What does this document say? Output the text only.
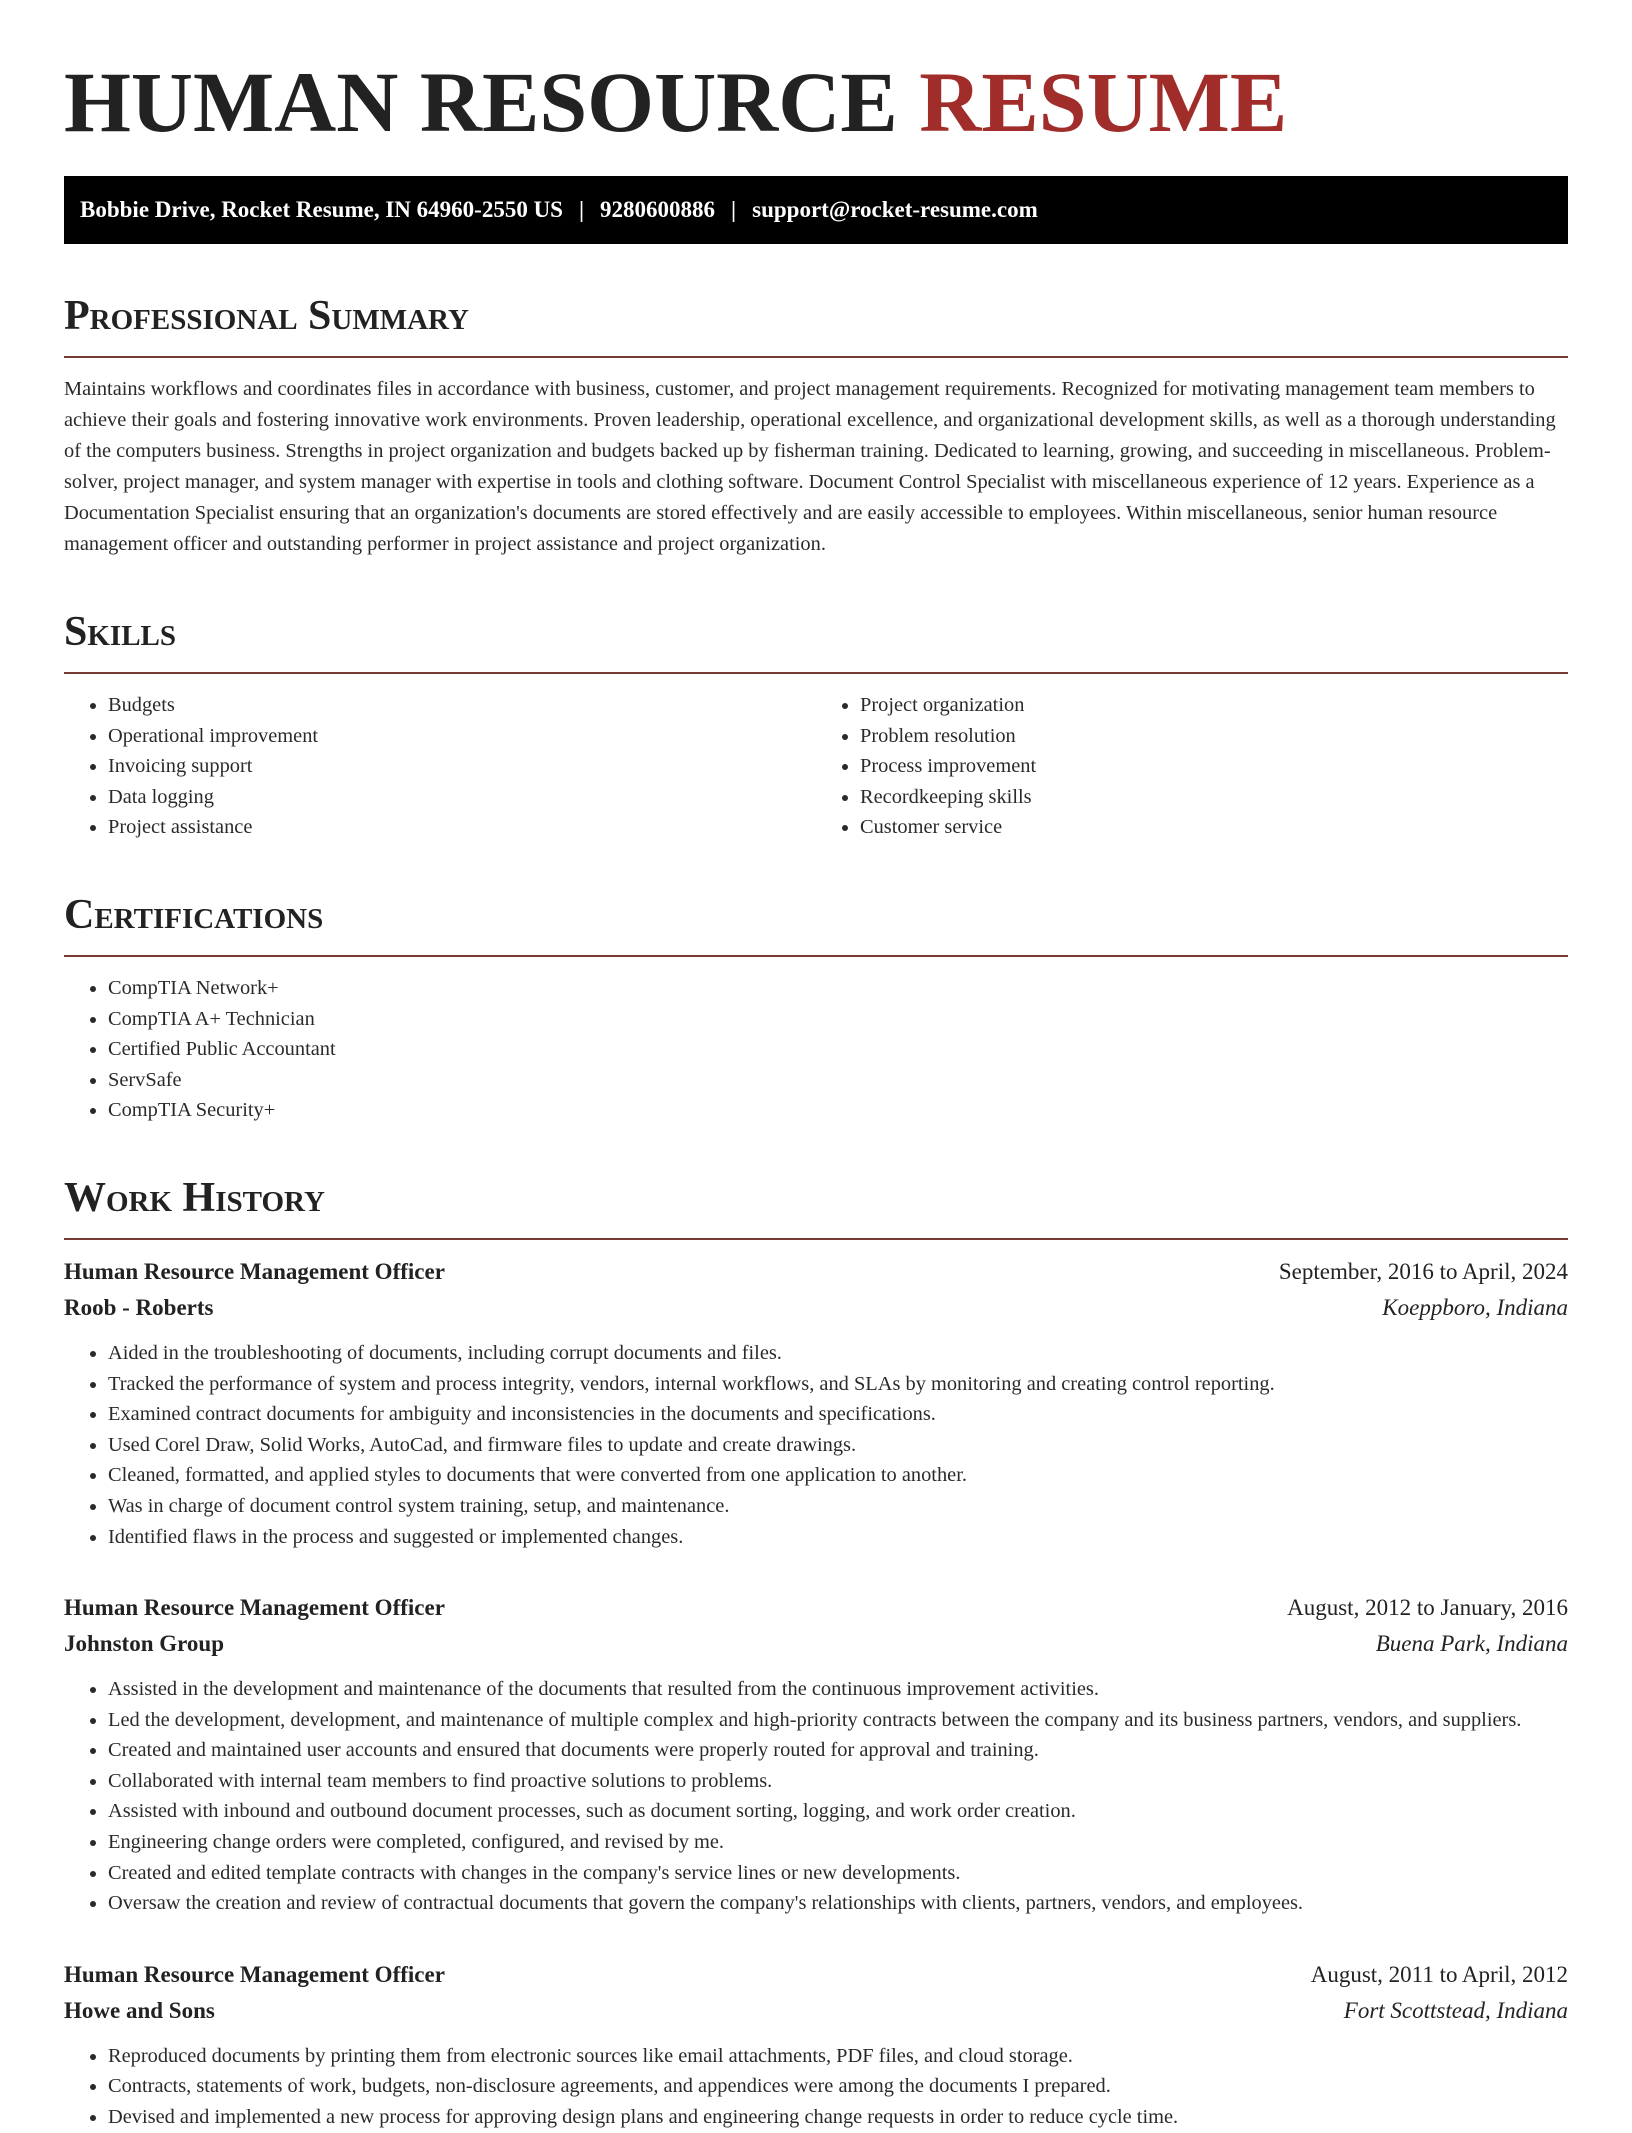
HUMAN RESOURCE RESUME
Bobbie Drive, Rocket Resume, IN 64960-2550 US | 9280600886 | support@rocket-resume.com
Professional Summary

Maintains workflows and coordinates files in accordance with business, customer, and project management requirements. Recognized for motivating management team members to achieve their goals and fostering innovative work environments. Proven leadership, operational excellence, and organizational development skills, as well as a thorough understanding of the computers business. Strengths in project organization and budgets backed up by fisherman training. Dedicated to learning, growing, and succeeding in miscellaneous. Problem-solver, project manager, and system manager with expertise in tools and clothing software. Document Control Specialist with miscellaneous experience of 12 years. Experience as a Documentation Specialist ensuring that an organization's documents are stored effectively and are easily accessible to employees. Within miscellaneous, senior human resource management officer and outstanding performer in project assistance and project organization.

Skills
• Budgets
• Operational improvement
• Invoicing support
• Data logging
• Project assistance
• Project organization
• Problem resolution
• Process improvement
• Recordkeeping skills
• Customer service
Certifications
• CompTIA Network+
• CompTIA A+ Technician
• Certified Public Accountant
• ServSafe
• CompTIA Security+
Work History
Human Resource Management Officer	September, 2016 to April, 2024
Roob - Roberts	Koeppboro, Indiana
• Aided in the troubleshooting of documents, including corrupt documents and files.
• Tracked the performance of system and process integrity, vendors, internal workflows, and SLAs by monitoring and creating control reporting.
• Examined contract documents for ambiguity and inconsistencies in the documents and specifications.
• Used Corel Draw, Solid Works, AutoCad, and firmware files to update and create drawings.
• Cleaned, formatted, and applied styles to documents that were converted from one application to another.
• Was in charge of document control system training, setup, and maintenance.
• Identified flaws in the process and suggested or implemented changes.
Human Resource Management Officer	August, 2012 to January, 2016
Johnston Group	Buena Park, Indiana
• Assisted in the development and maintenance of the documents that resulted from the continuous improvement activities.
• Led the development, development, and maintenance of multiple complex and high-priority contracts between the company and its business partners, vendors, and suppliers.
• Created and maintained user accounts and ensured that documents were properly routed for approval and training.
• Collaborated with internal team members to find proactive solutions to problems.
• Assisted with inbound and outbound document processes, such as document sorting, logging, and work order creation.
• Engineering change orders were completed, configured, and revised by me.
• Created and edited template contracts with changes in the company's service lines or new developments.
• Oversaw the creation and review of contractual documents that govern the company's relationships with clients, partners, vendors, and employees.
Human Resource Management Officer	August, 2011 to April, 2012
Howe and Sons	Fort Scottstead, Indiana
• Reproduced documents by printing them from electronic sources like email attachments, PDF files, and cloud storage.
• Contracts, statements of work, budgets, non-disclosure agreements, and appendices were among the documents I prepared.
• Devised and implemented a new process for approving design plans and engineering change requests in order to reduce cycle time.
